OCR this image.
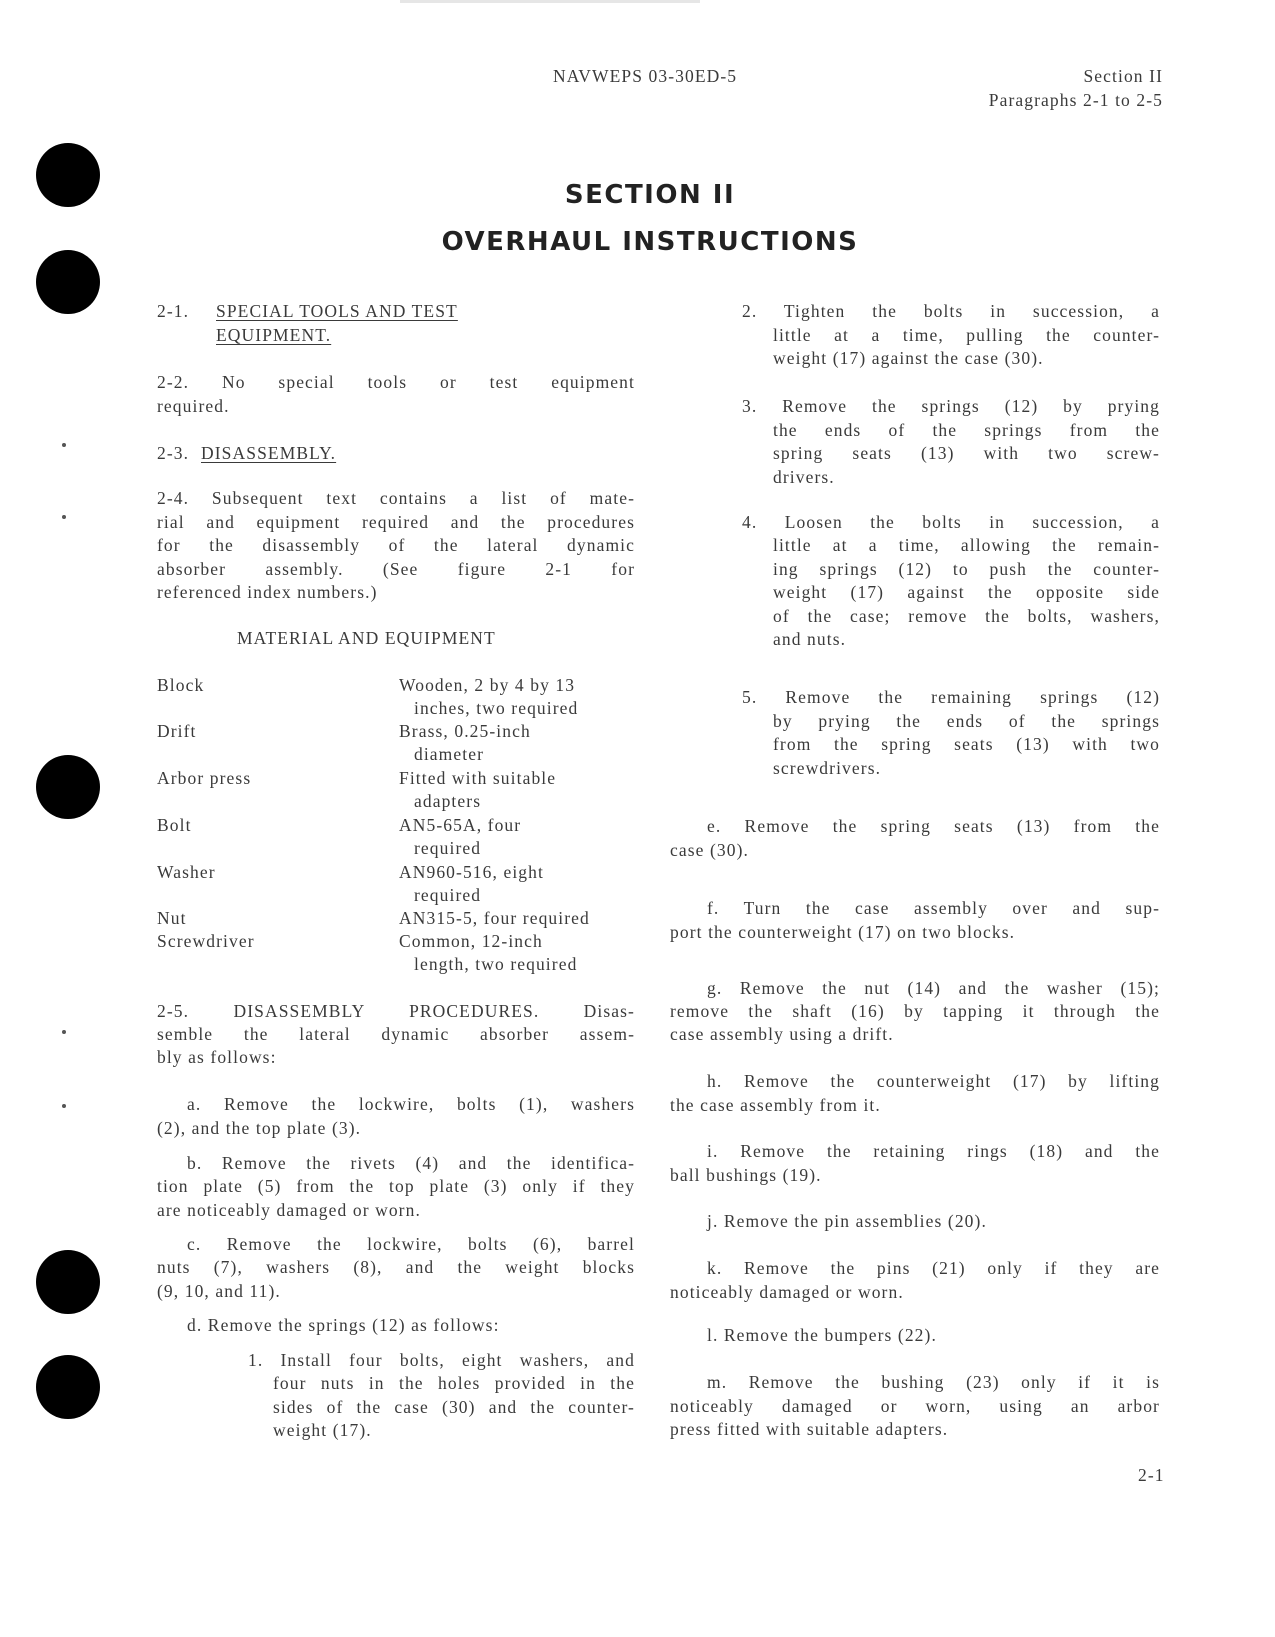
NAVWEPS 03-30ED-5	Section II
Paragraphs 2-1 to 2-5
SECTION II
OVERHAUL INSTRUCTIONS
2-1. SPECIAL TOOLS AND TEST
EQUIPMENT.
2-3. DISASSEMBLY.
MATERIAL AND EQUIPMENT
2-2. No special tools or test equipment
required.
2-4. Subsequent text contains a list of mate-
rial and equipment required and the procedures
for the disassembly of the lateral dynamic
absorber assembly. (See figure 2-1 for
referenced index numbers.)
2-5. DISASSEMBLY PROCEDURES. Disas-
semble the lateral dynamic absorber assem-
bly as follows:
a. Remove the lockwire, bolts (1), washers
(2), and the top plate (3).
b. Remove the rivets (4) and the identifica-
tion plate (5) from the top plate (3) only if they
are noticeably damaged or worn.
c. Remove the lockwire, bolts (6), barrel
nuts (7), washers (8), and the weight blocks
(9, 10, and 11).
d. Remove the springs (12) as follows:
1. Install four bolts, eight washers, and
four nuts in the holes provided in the
sides of the case (30) and the counter-
weight (17).
2. Tighten the bolts in succession, a
little at a time, pulling the counter-
weight (17) against the case (30).
3. Remove the springs (12) by prying
the ends of the springs from the
spring seats (13) with two screw-
drivers.
4. Loosen the bolts in succession, a
little at a time, allowing the remain-
ing springs (12) to push the counter-
weight (17) against the opposite side
of the case; remove the bolts, washers,
and nuts.
5. Remove the remaining springs (12)
by prying the ends of the springs
from the spring seats (13) with two
screwdrivers.
e. Remove the spring seats (13) from the
case (30).
f. Turn the case assembly over and sup-
port the counterweight (17) on two blocks.
g. Remove the nut (14) and the washer (15);
remove the shaft (16) by tapping it through the
case assembly using a drift.
h. Remove the counterweight (17) by lifting
the case assembly from it.
i. Remove the retaining rings (18) and the
ball bushings (19).
j. Remove the pin assemblies (20).
k. Remove the pins (21) only if they are
noticeably damaged or worn.
l. Remove the bumpers (22).
m. Remove the bushing (23) only if it is
noticeably damaged or worn, using an arbor
press fitted with suitable adapters.
Block	Wooden, 2 by 4 by 13
inches, two required
Drift	Brass, 0.25-inch
diameter
Arbor press	Fitted with suitable
adapters
Bolt	AN5-65A, four
required
Washer	AN960-516, eight
required
Nut	AN315-5, four required
Screwdriver	Common, 12-inch
length, two required
2-1
